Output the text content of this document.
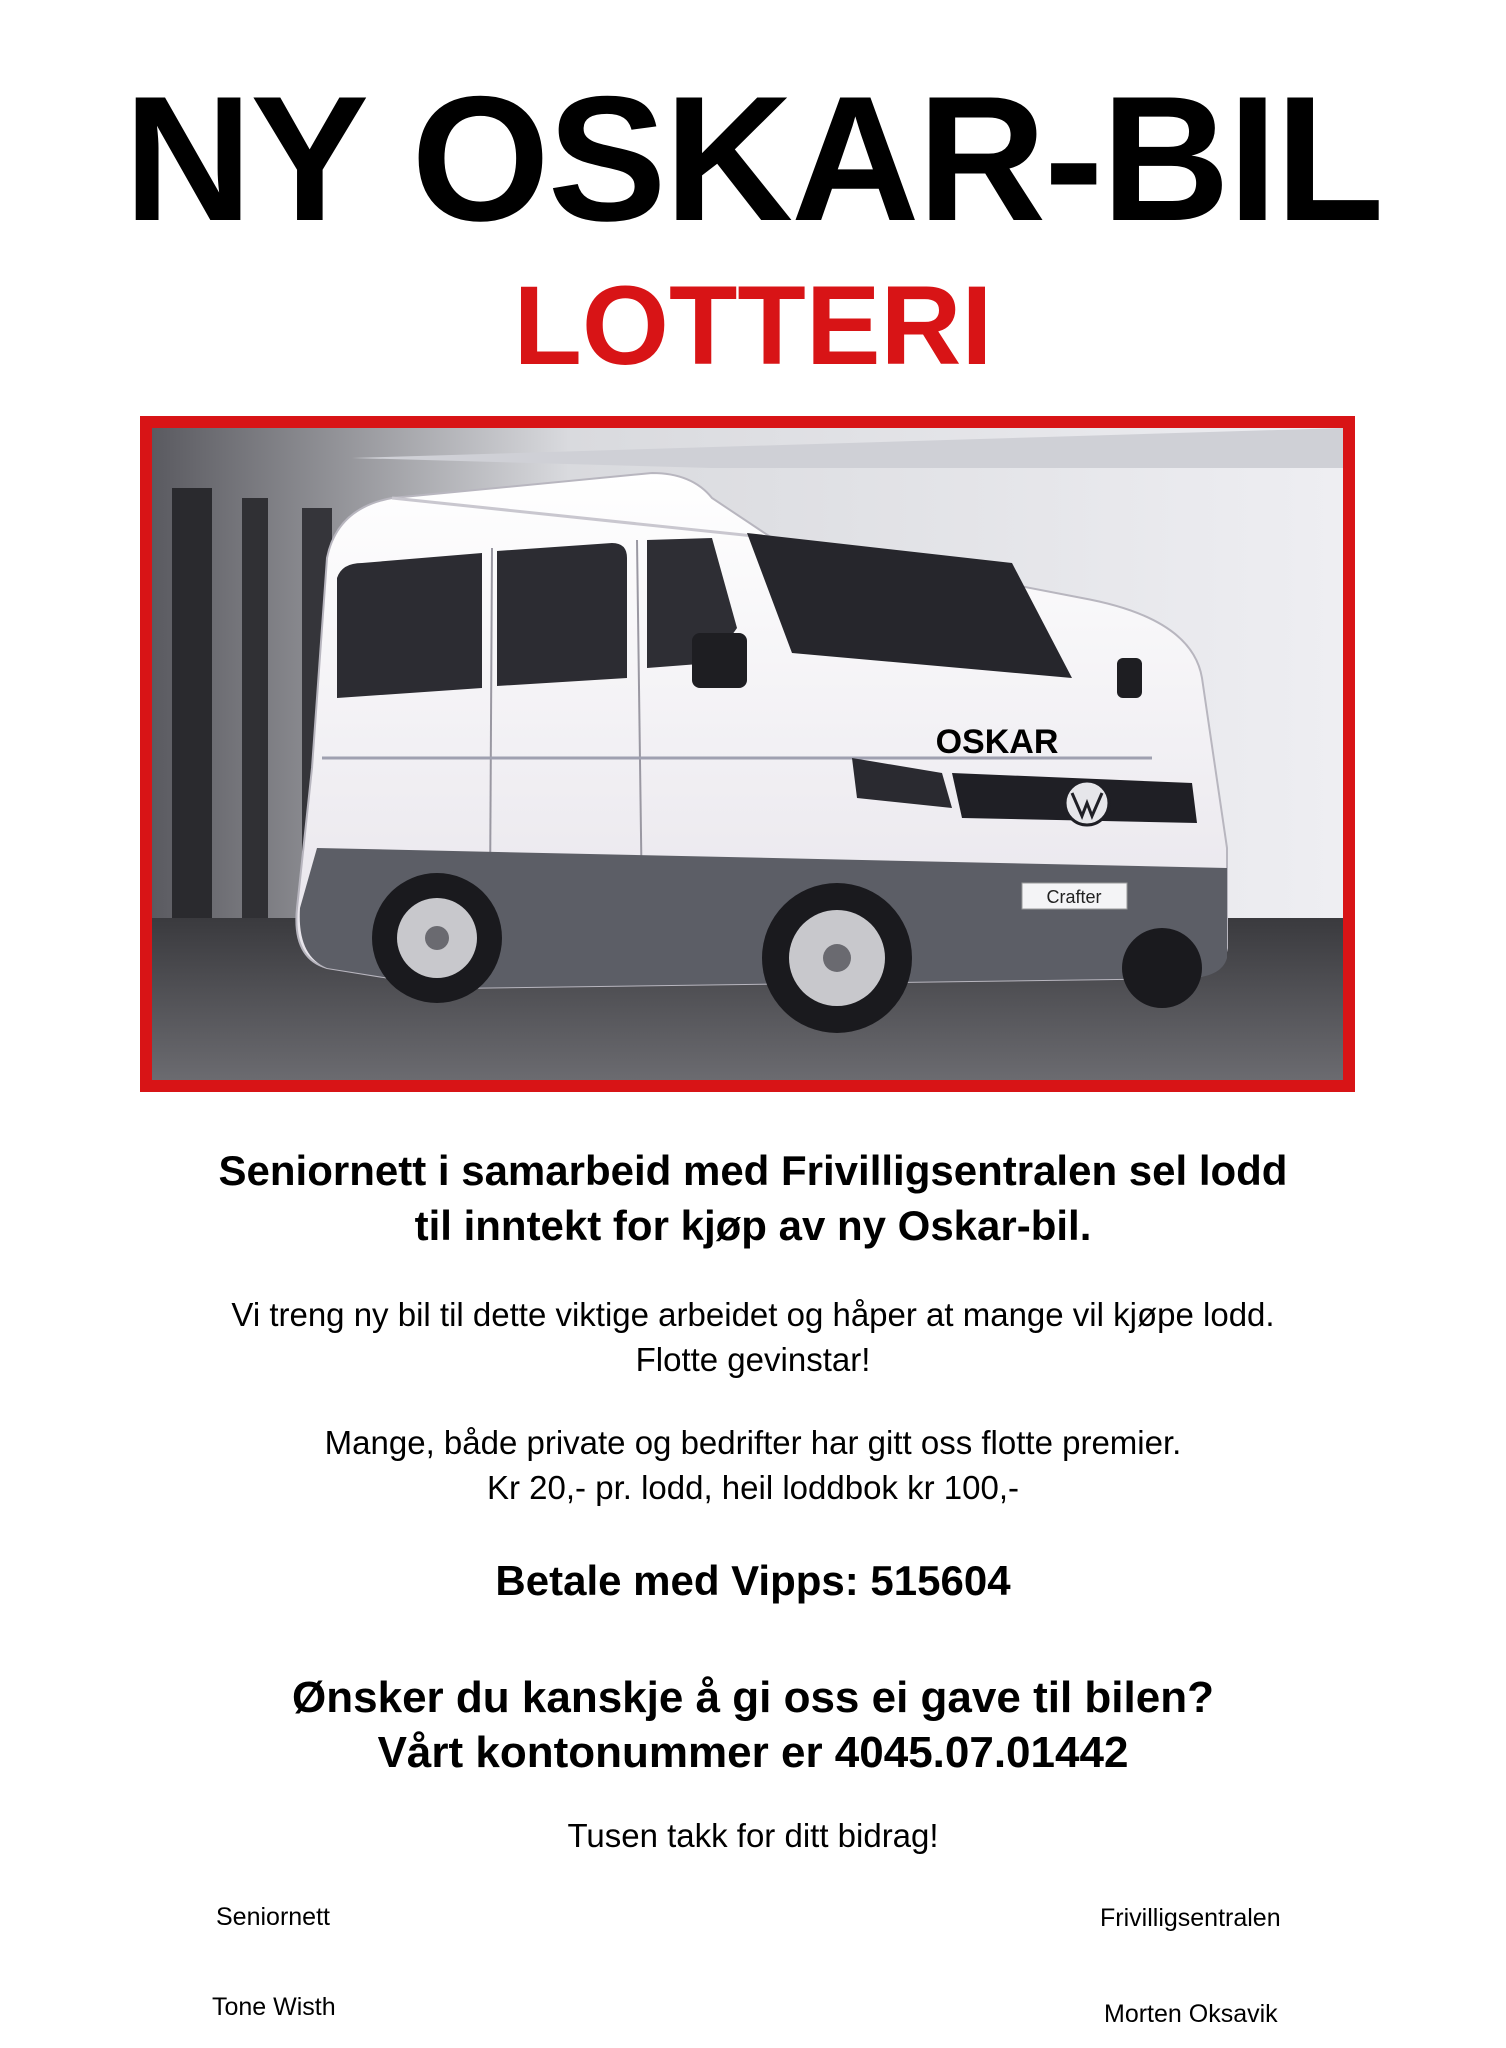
NY OSKAR-BIL
LOTTERI
Crafter
OSKAR
Seniornett i samarbeid med Frivilligsentralen sel lodd
til inntekt for kjøp av ny Oskar-bil.
Vi treng ny bil til dette viktige arbeidet og håper at mange vil kjøpe lodd.
Flotte gevinstar!
Mange, både private og bedrifter har gitt oss flotte premier.
Kr 20,- pr. lodd, heil loddbok kr 100,-
Betale med Vipps: 515604
Ønsker du kanskje å gi oss ei gave til bilen?
Vårt kontonummer er 4045.07.01442
Tusen takk for ditt bidrag!
Seniornett
Tone Wisth
Frivilligsentralen
Morten Oksavik
